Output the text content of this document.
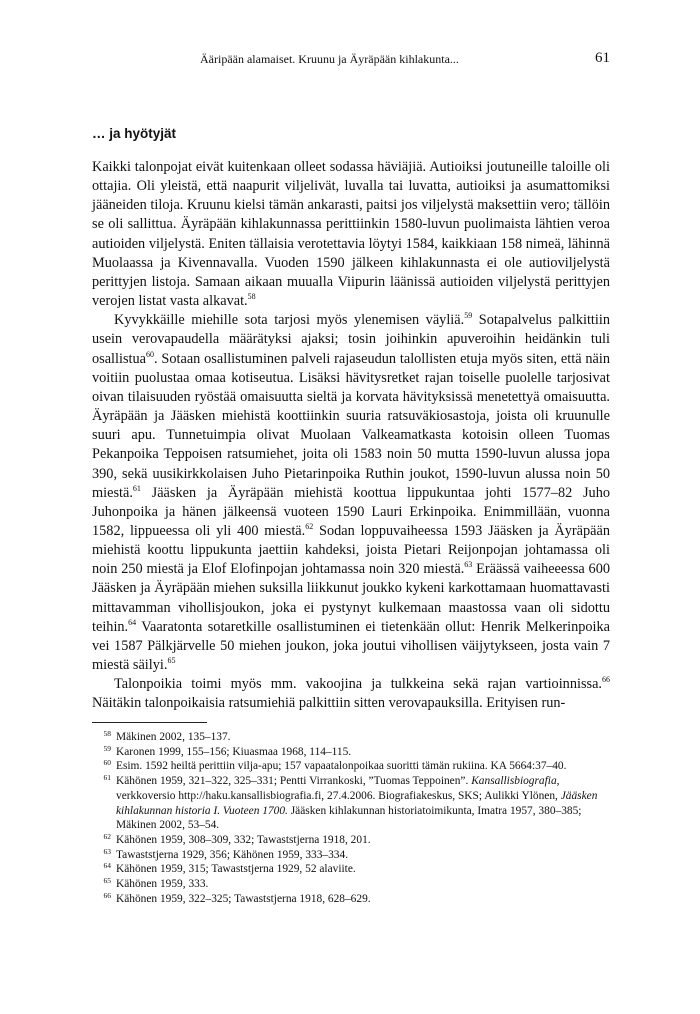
Ääripään alamaiset. Kruunu ja Äyräpään kihlakunta...	61
… ja hyötyjät

Kaikki talonpojat eivät kuitenkaan olleet sodassa häviäjiä. Autioiksi joutuneille taloille oli ottajia. Oli yleistä, että naapurit viljelivät, luvalla tai luvatta, autioiksi ja asumattomiksi jääneiden tiloja. Kruunu kielsi tämän ankarasti, paitsi jos viljelystä maksettiin vero; tällöin se oli sallittua. Äyräpään kihlakunnassa perittiinkin 1580-luvun puolimaista lähtien veroa autioiden viljelystä. Eniten tällaisia verotettavia löytyi 1584, kaikkiaan 158 nimeä, lähinnä Muolaassa ja Kivennavalla. Vuoden 1590 jälkeen kihlakunnasta ei ole autioviljelystä perittyjen listoja. Samaan aikaan muualla Viipurin läänissä autioiden viljelystä perittyjen verojen listat vasta alkavat.$^{58}$

Kyvykkäille miehille sota tarjosi myös ylenemisen väyliä.$^{59}$ Sotapalvelus palkittiin usein verovapaudella määrätyksi ajaksi; tosin joihinkin apuveroihin heidänkin tuli osallistua$^{60}$. Sotaan osallistuminen palveli rajaseudun talollisten etuja myös siten, että näin voitiin puolustaa omaa kotiseutua. Lisäksi hävitysretket rajan toiselle puolelle tarjosivat oivan tilaisuuden ryöstää omaisuutta sieltä ja korvata hävityksissä menetettyä omaisuutta. Äyräpään ja Jääsken miehistä koottiinkin suuria ratsuväkiosastoja, joista oli kruunulle suuri apu. Tunnetuimpia olivat Muolaan Valkeamatkasta kotoisin olleen Tuomas Pekanpoika Teppoisen ratsumiehet, joita oli 1583 noin 50 mutta 1590-luvun alussa jopa 390, sekä uusikirkkolaisen Juho Pietarinpoika Ruthin joukot, 1590-luvun alussa noin 50 miestä.$^{61}$ Jääsken ja Äyräpään miehistä koottua lippukuntaa johti 1577–82 Juho Juhonpoika ja hänen jälkeensä vuoteen 1590 Lauri Erkinpoika. Enimmillään, vuonna 1582, lippueessa oli yli 400 miestä.$^{62}$ Sodan loppuvaiheessa 1593 Jääsken ja Äyräpään miehistä koottu lippukunta jaettiin kahdeksi, joista Pietari Reijonpojan johtamassa oli noin 250 miestä ja Elof Elofinpojan johtamassa noin 320 miestä.$^{63}$ Eräässä vaiheeessa 600 Jääsken ja Äyräpään miehen suksilla liikkunut joukko kykeni karkottamaan huomattavasti mittavamman vihollisjoukon, joka ei pystynyt kulkemaan maastossa vaan oli sidottu teihin.$^{64}$ Vaaratonta sotaretkille osallistuminen ei tietenkään ollut: Henrik Melkerinpoika vei 1587 Pälkjärvelle 50 miehen joukon, joka joutui vihollisen väijytykseen, josta vain 7 miestä säilyi.$^{65}$

Talonpoikia toimi myös mm. vakoojina ja tulkkeina sekä rajan vartioinnissa.$^{66}$ Näitäkin talonpoikaisia ratsumiehiä palkittiin sitten verovapauksilla. Erityisen run-

58 Mäkinen 2002, 135–137.
59 Karonen 1999, 155–156; Kiuasmaa 1968, 114–115.
60 Esim. 1592 heiltä perittiin vilja-apu; 157 vapaatalonpoikaa suoritti tämän rukiina. KA 5664:37–40.
61 Kähönen 1959, 321–322, 325–331; Pentti Virrankoski, ”Tuomas Teppoinen”. Kansallisbiografia, verkkoversio http://haku.kansallisbiografia.fi, 27.4.2006. Biografiakeskus, SKS; Aulikki Ylönen, Jääsken kihlakunnan historia I. Vuoteen 1700. Jääsken kihlakunnan historiatoimikunta, Imatra 1957, 380–385; Mäkinen 2002, 53–54.
62 Kähönen 1959, 308–309, 332; Tawaststjerna 1918, 201.
63 Tawaststjerna 1929, 356; Kähönen 1959, 333–334.
64 Kähönen 1959, 315; Tawaststjerna 1929, 52 alaviite.
65 Kähönen 1959, 333.
66 Kähönen 1959, 322–325; Tawaststjerna 1918, 628–629.
